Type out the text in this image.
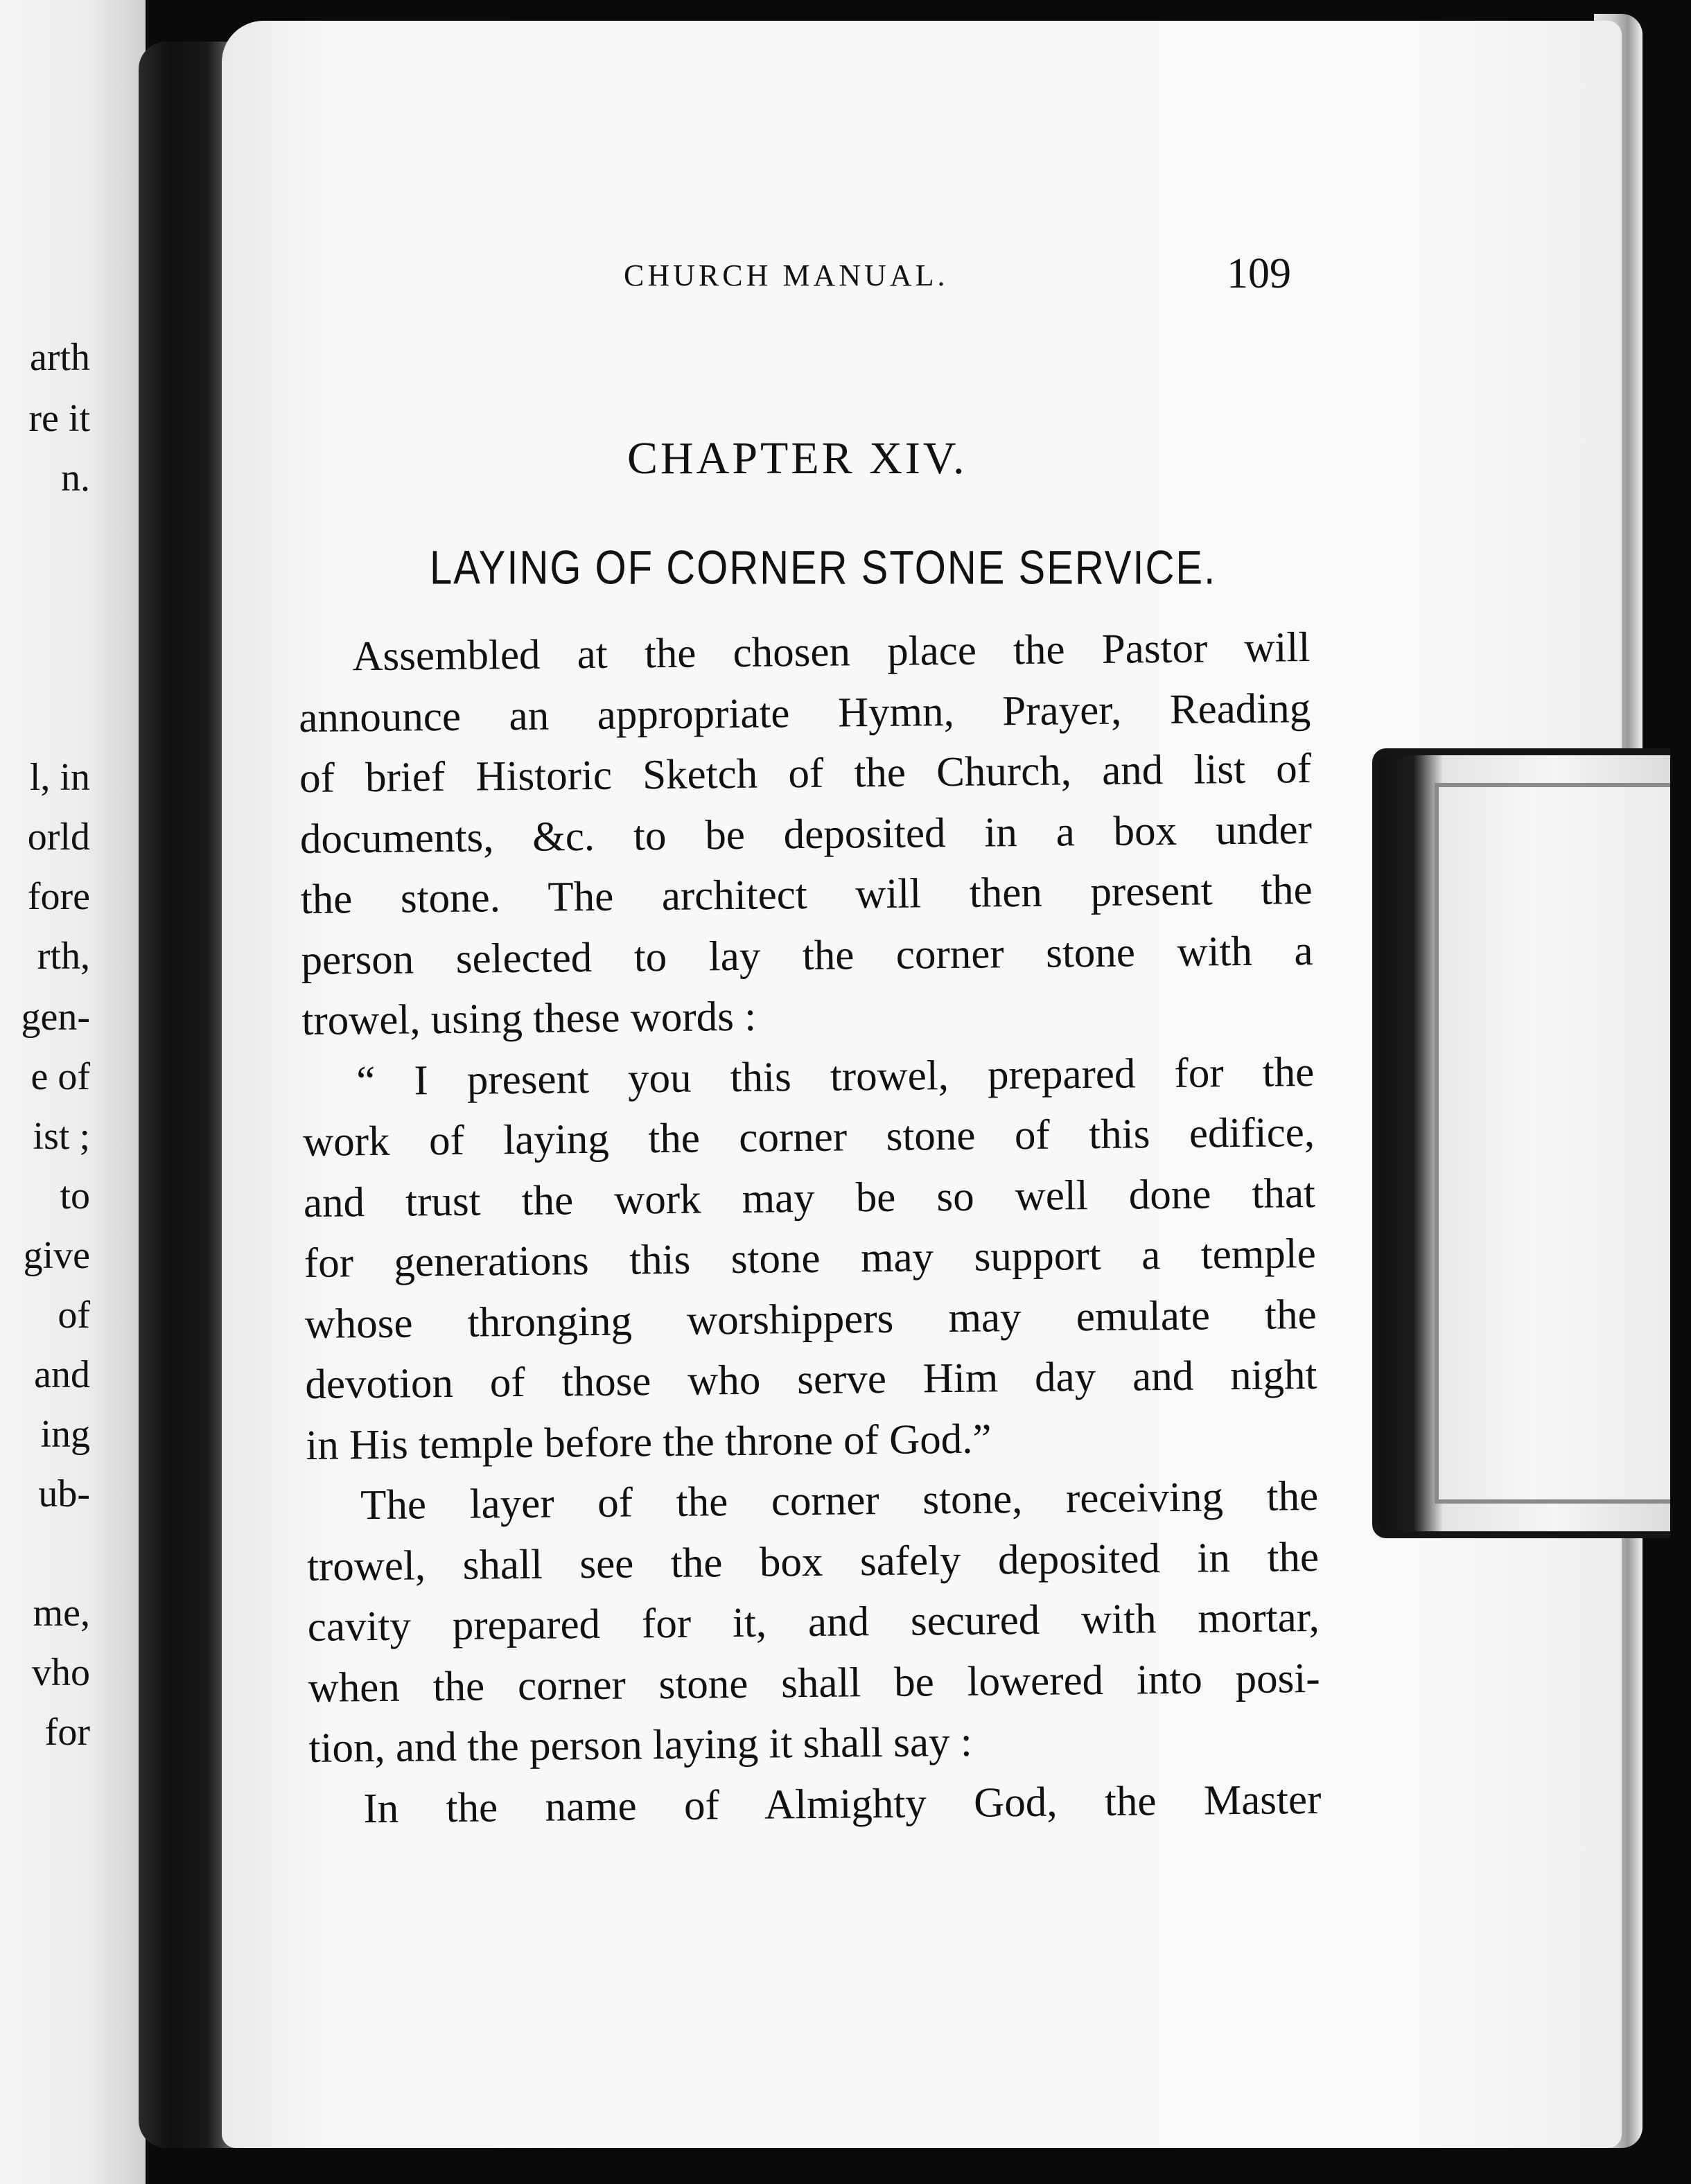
arth
re it
n.
l, in
orld
fore
rth,
gen-
e of
ist ;
to
give
of
and
ing
ub-
me,
vho
for
CHURCH MANUAL.	109
CHAPTER XIV.
LAYING OF CORNER STONE SERVICE.
Assembled at the chosen place the Pastor will
announce an appropriate Hymn, Prayer, Reading
of brief Historic Sketch of the Church, and list of
documents, &c. to be deposited in a box under
the stone. The architect will then present the
person selected to lay the corner stone with a
trowel, using these words :
“ I present you this trowel, prepared for the
work of laying the corner stone of this edifice,
and trust the work may be so well done that
for generations this stone may support a temple
whose thronging worshippers may emulate the
devotion of those who serve Him day and night
in His temple before the throne of God.”
The layer of the corner stone, receiving the
trowel, shall see the box safely deposited in the
cavity prepared for it, and secured with mortar,
when the corner stone shall be lowered into posi-
tion, and the person laying it shall say :
In the name of Almighty God, the Master
